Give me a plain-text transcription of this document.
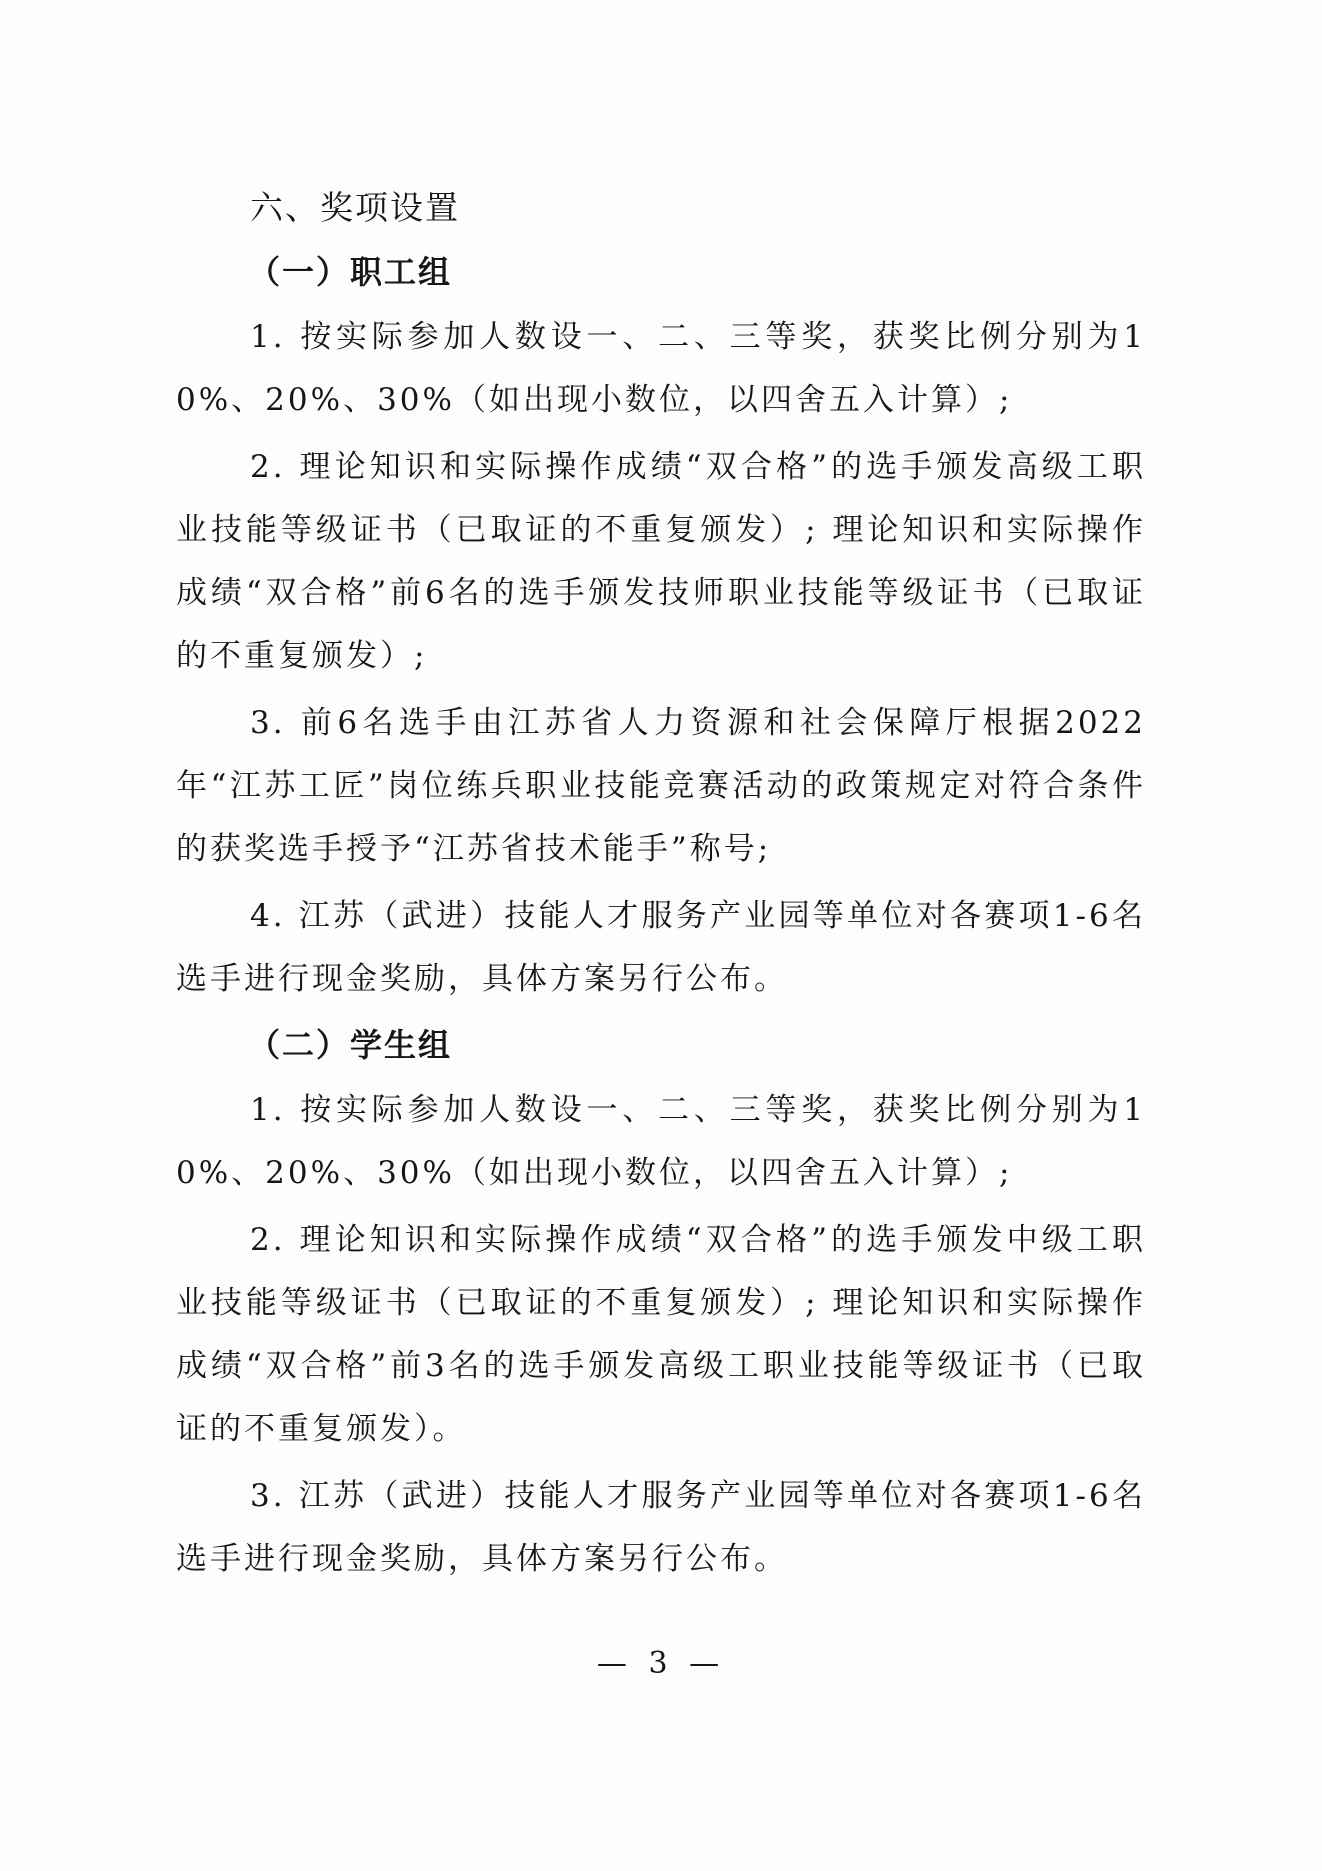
六、奖项设置
（一）职工组

1. 按实际参加人数设一、二、三等奖，获奖比例分别为10%、20%、30%（如出现小数位，以四舍五入计算）;

2. 理论知识和实际操作成绩“双合格”的选手颁发高级工职业技能等级证书（已取证的不重复颁发）; 理论知识和实际操作成绩“双合格”前6名的选手颁发技师职业技能等级证书（已取证的不重复颁发）;

3. 前6名选手由江苏省人力资源和社会保障厅根据2022年“江苏工匠”岗位练兵职业技能竞赛活动的政策规定对符合条件的获奖选手授予“江苏省技术能手”称号;

4. 江苏（武进）技能人才服务产业园等单位对各赛项1-6名选手进行现金奖励，具体方案另行公布。

（二）学生组

1. 按实际参加人数设一、二、三等奖，获奖比例分别为10%、20%、30%（如出现小数位，以四舍五入计算）;

2. 理论知识和实际操作成绩“双合格”的选手颁发中级工职业技能等级证书（已取证的不重复颁发）; 理论知识和实际操作成绩“双合格”前3名的选手颁发高级工职业技能等级证书（已取证的不重复颁发）。

3. 江苏（武进）技能人才服务产业园等单位对各赛项1-6名选手进行现金奖励，具体方案另行公布。

— 3 —
